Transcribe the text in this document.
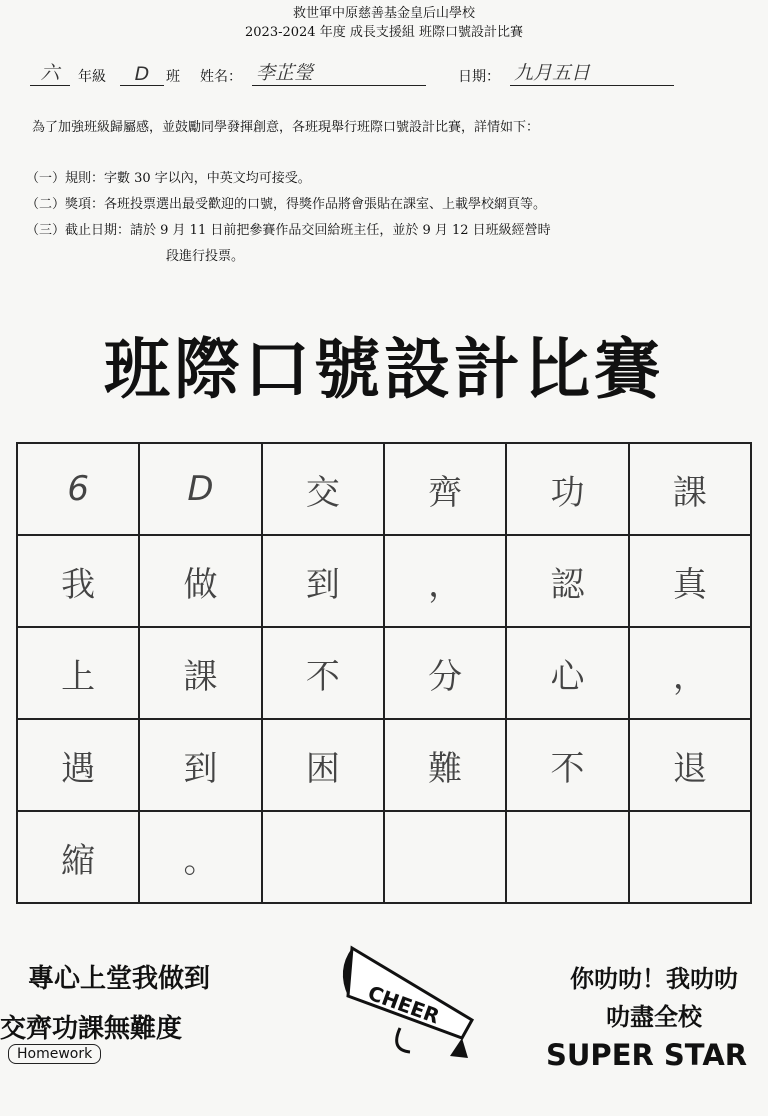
救世軍中原慈善基金皇后山學校
2023-2024 年度 成長支援組 班際口號設計比賽
六	年級	D	班 姓名： 李芷瑩	日期： 九月五日
為了加強班級歸屬感，並鼓勵同學發揮創意，各班現舉行班際口號設計比賽，詳情如下：
（一）規則：字數 30 字以內，中英文均可接受。
（二）獎項：各班投票選出最受歡迎的口號，得獎作品將會張貼在課室、上載學校網頁等。
（三）截止日期：請於 9 月 11 日前把參賽作品交回給班主任，並於 9 月 12 日班級經營時
段進行投票。
班際口號設計比賽
6	D	交	齊	功	課
我	做	到	，	認	真
上	課	不	分	心	，
遇	到	困	難	不	退
縮	。				
專心上堂我做到
交齊功課無難度
Homework
CHEER
你叻叻！我叻叻
叻盡全校
SUPER STAR
